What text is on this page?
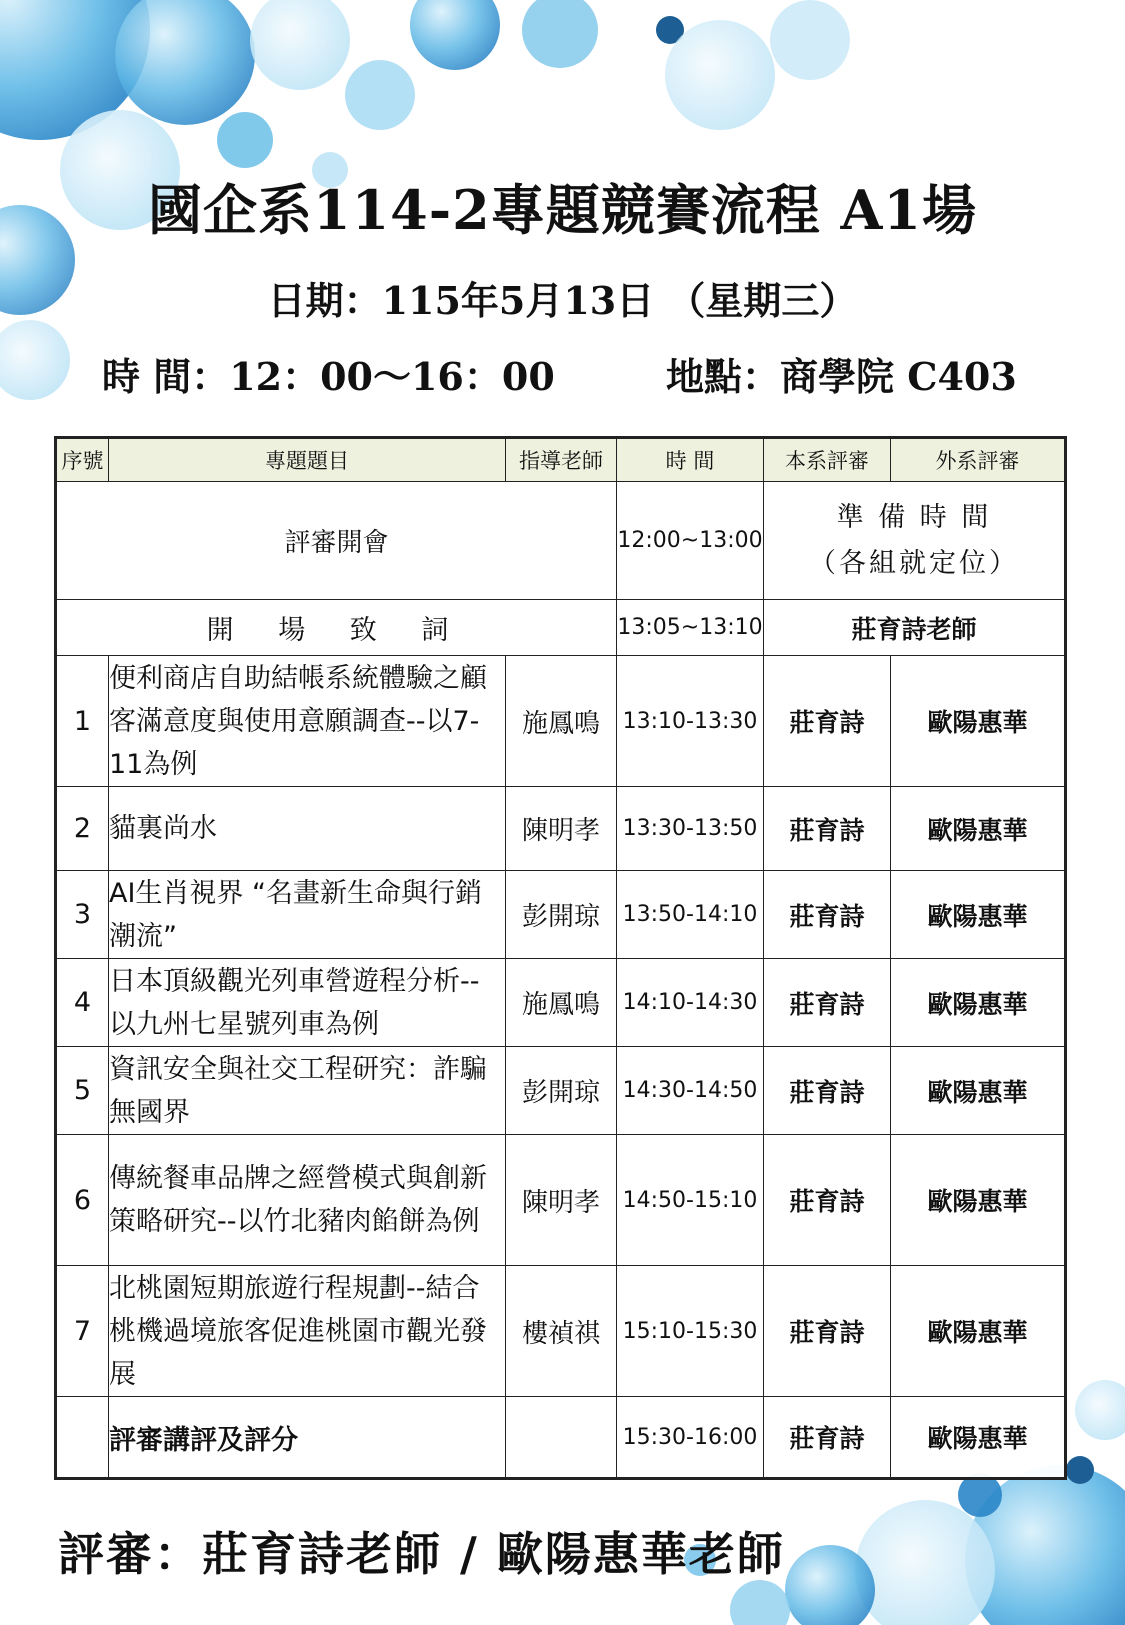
國企系114-2專題競賽流程 A1場
日期：115年5月13日 （星期三）
時 間：12：00～16：00	地點：商學院 C403
序號	專題題目	指導老師	時 間	本系評審	外系評審
評審開會			12:00~13:00	準 備 時 間
（各組就定位）	

開 場 致 詞			13:05~13:10	莊育詩老師	
1	便利商店自助結帳系統體驗之顧客滿意度與使用意願調查--以7-11為例	施鳳鳴	13:10-13:30	莊育詩	歐陽惠華
2	貓裏尚水	陳明孝	13:30-13:50	莊育詩	歐陽惠華
3	AI生肖視界 “名畫新生命與行銷潮流”	彭開琼	13:50-14:10	莊育詩	歐陽惠華
4	日本頂級觀光列車營遊程分析--以九州七星號列車為例	施鳳鳴	14:10-14:30	莊育詩	歐陽惠華
5	資訊安全與社交工程研究：詐騙無國界	彭開琼	14:30-14:50	莊育詩	歐陽惠華
6	傳統餐車品牌之經營模式與創新策略研究--以竹北豬肉餡餅為例	陳明孝	14:50-15:10	莊育詩	歐陽惠華
7	北桃園短期旅遊行程規劃--結合桃機過境旅客促進桃園市觀光發展	樓禎祺	15:10-15:30	莊育詩	歐陽惠華
	評審講評及評分		15:30-16:00	莊育詩	歐陽惠華
評審：莊育詩老師 / 歐陽惠華老師
